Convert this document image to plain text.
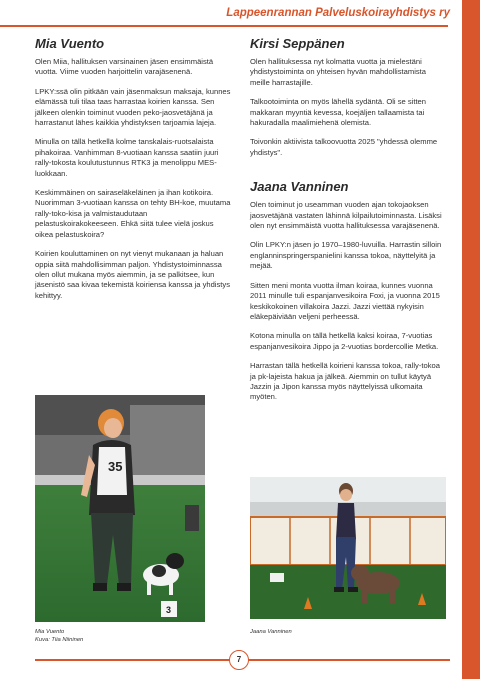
Lappeenrannan Palveluskoirayhdistys ry
Mia Vuento

Olen Miia, hallituksen varsinainen jäsen ensimmäistä vuotta. Viime vuoden harjoittelin varajäsenenä.

LPKY:ssä olin pitkään vain jäsenmaksun maksaja, kunnes elämässä tuli tilaa taas harrastaa koirien kanssa. Sen jälkeen olenkin toiminut vuoden peko-jaosvetäjänä ja harrastanut lähes kaikkia yhdistyksen tarjoamia lajeja.

Minulla on tällä hetkellä kolme tanskalais-ruotsalaista pihakoiraa. Vanhimman 8-vuotiaan kanssa saatiin juuri rally-tokosta koulutustunnus RTK3 ja menolippu MES-luokkaan.

Keskimmäinen on sairaseläkeläinen ja ihan kotikoira. Nuorimman 3-vuotiaan kanssa on tehty BH-koe, muutama rally-toko-kisa ja valmistaudutaan pelastuskoirakokeeseen. Ehkä siitä tulee vielä joskus oikea pelastuskoira?

Koirien kouluttaminen on nyt vienyt mukanaan ja haluan oppia siitä mahdollisimman paljon. Yhdistystoiminnassa olen ollut mukana myös aiemmin, ja se palkitsee, kun jäsenistö saa kivaa tekemistä koiriensa kanssa ja yhdistys kehittyy.

Kirsi Seppänen

Olen hallituksessa nyt kolmatta vuotta ja mielestäni yhdistystoiminta on yhteisen hyvän mahdollistamista meille harrastajille.

Talkootoiminta on myös lähellä sydäntä. Oli se sitten makkaran myyntiä kevessa, koejäljen tallaamista tai hakuradalla maalimiehenä olemista.

Toivonkin aktiivista talkoovuotta 2025 "yhdessä olemme yhdistys".

Jaana Vanninen

Olen toiminut jo useamman vuoden ajan tokojaoksen jaosvetäjänä vastaten lähinnä kilpailutoiminnasta. Lisäksi olen nyt ensimmäistä vuotta hallituksessa varajäsenenä.

Olin LPKY:n jäsen jo 1970–1980-luvuilla. Harrastin silloin englanninspringerspanielini kanssa tokoa, näyttelyitä ja mejää.

Sitten meni monta vuotta ilman koiraa, kunnes vuonna 2011 minulle tuli espanjanvesikoira Foxi, ja vuonna 2015 keskikokoinen villakoira Jazzi. Jazzi viettää nykyisin eläkepäiviään veljeni perheessä.

Kotona minulla on tällä hetkellä kaksi koiraa, 7-vuotias espanjanvesikoira Jippo ja 2-vuotias bordercollie Metka.

Harrastan tällä hetkellä koirieni kanssa tokoa, rally-tokoa ja pk-lajeista hakua ja jälkeä. Aiemmin on tullut käytyä Jazzin ja Jipon kanssa myös näyttelyissä ulkomaita myöten.

35
3
Mia Vuento
Kuva: Tiia Niininen
Jaana Vanninen
7
